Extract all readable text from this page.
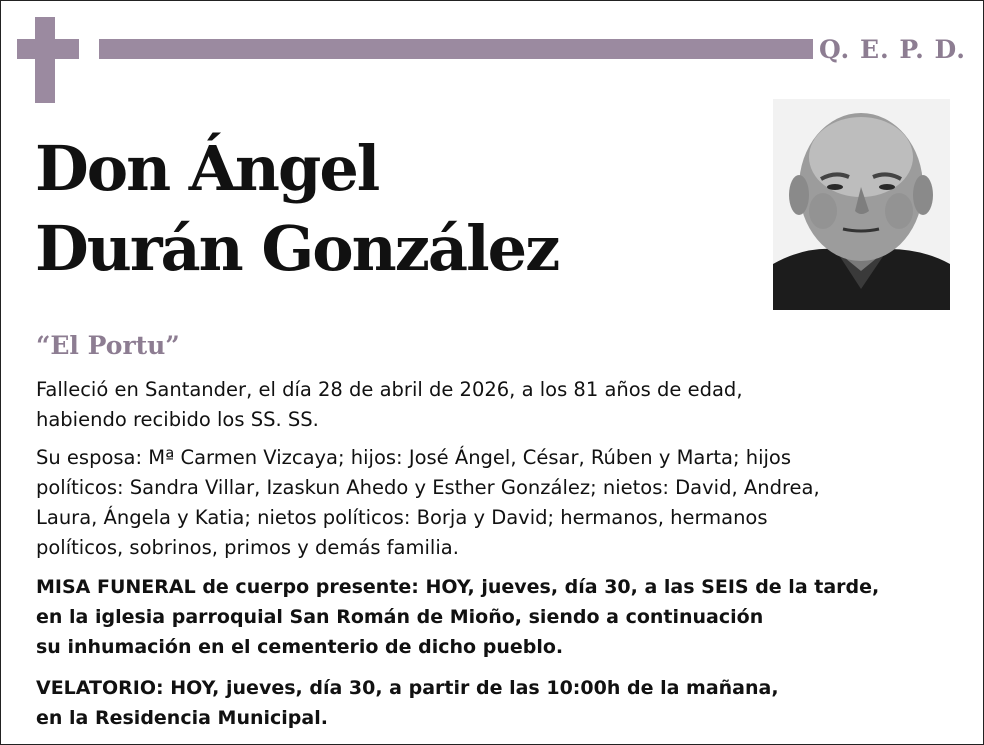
Q. E. P. D.
Don Ángel
Durán González
“El Portu”
Falleció en Santander, el día 28 de abril de 2026, a los 81 años de edad,
habiendo recibido los SS. SS.
Su esposa: Mª Carmen Vizcaya; hijos: José Ángel, César, Rúben y Marta; hijos
políticos: Sandra Villar, Izaskun Ahedo y Esther González; nietos: David, Andrea,
Laura, Ángela y Katia; nietos políticos: Borja y David; hermanos, hermanos
políticos, sobrinos, primos y demás familia.
MISA FUNERAL de cuerpo presente: HOY, jueves, día 30, a las SEIS de la tarde,
en la iglesia parroquial San Román de Mioño, siendo a continuación
su inhumación en el cementerio de dicho pueblo.
VELATORIO: HOY, jueves, día 30, a partir de las 10:00h de la mañana,
en la Residencia Municipal.
